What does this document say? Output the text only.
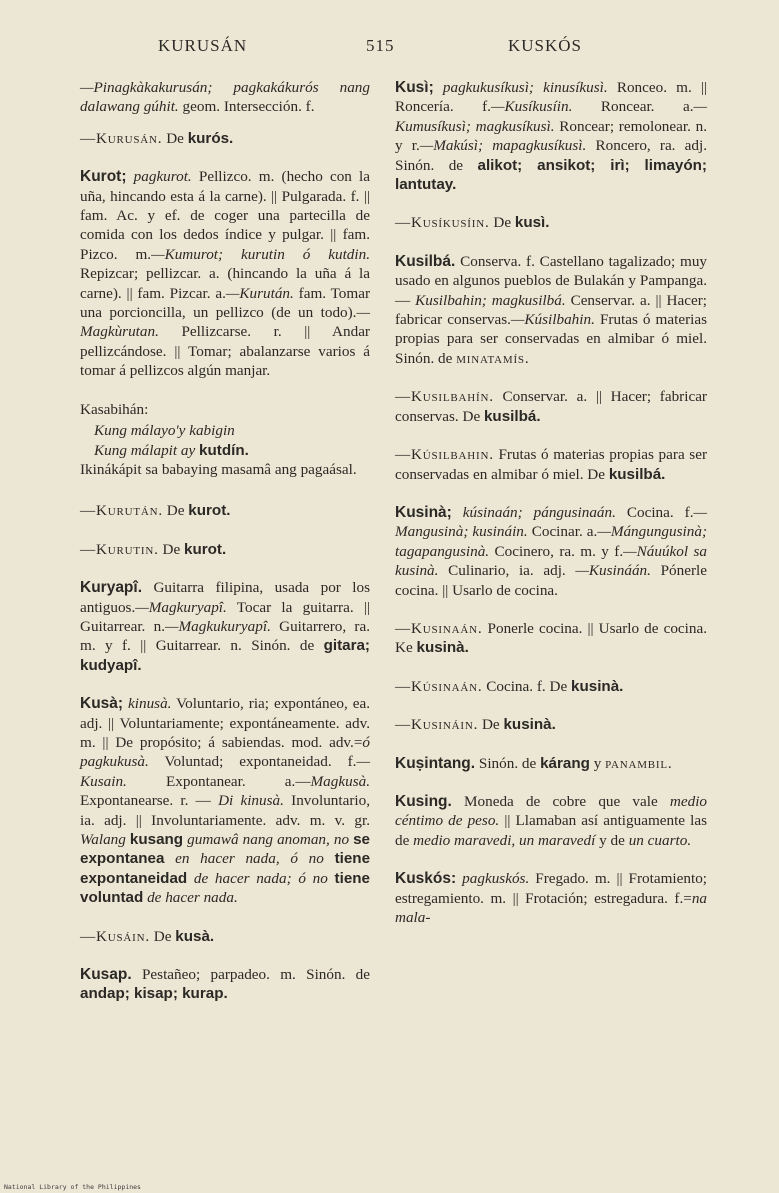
KURUSÁN	515	KUSKÓS

—Pinagkàkakurusán; pagkakákurós nang dalawang gúhit. geom. Intersección. f.

—Kurusán. De kurós.

Kurot; pagkurot. Pellizco. m. (hecho con la uña, hincando esta á la carne). || Pulgarada. f. || fam. Ac. y ef. de coger una partecilla de comida con los dedos índice y pulgar. || fam. Pizco. m.—Kumurot; kurutin ó kutdin. Repizcar; pellizcar. a. (hincando la uña á la carne). || fam. Pizcar. a.—Kurután. fam. Tomar una porcioncilla, un pellizco (de un todo).—Magkùrutan. Pellizcarse. r. || Andar pellizcándose. || Tomar; abalanzarse varios á tomar á pellizcos algún manjar.

Kasabihán:
Kung málayo'y kabigin
Kung málapit ay kutdín.
Ikinákápit sa babaying masamâ ang pagaásal.

—Kurután. De kurot.

—Kurutin. De kurot.

Kuryapî. Guitarra filipina, usada por los antiguos.—Magkuryapî. Tocar la guitarra. || Guitarrear. n.—Magkukuryapî. Guitarrero, ra. m. y f. || Guitarrear. n. Sinón. de gitara; kudyapî.

Kusà; kinusà. Voluntario, ria; expontáneo, ea. adj. || Voluntariamente; expontáneamente. adv. m. || De propósito; á sabiendas. mod. adv.=ó pagkukusà. Voluntad; expontaneidad. f.—Kusain.	Expontanear. a.—Magkusà. Expontanearse. r. — Di kinusà. Involuntario, ia. adj. || Involuntariamente. adv. m. v. gr. Walang kusang gumawâ nang anoman, no se expontanea en hacer nada, ó no tiene expontaneidad de hacer nada; ó no tiene voluntad de hacer nada.

—Kusáin. De kusà.

Kusap. Pestañeo; parpadeo. m. Sinón. de andap; kisap; kurap.

Kusì; pagkukusíkusì; kinusíkusì. Ronceo. m. || Roncería. f.—Kusíkusíin. Roncear. a.—Kumusíkusì; magkusíkusì. Roncear; remolonear. n. y r.—Makúsì; mapagkusíkusì. Roncero, ra. adj. Sinón. de alikot; ansikot; irì; limayón; lantutay.

—Kusíkusíin. De kusì.

Kusilbá. Conserva. f. Castellano tagalizado; muy usado en algunos pueblos de Bulakán y Pampanga.— Kusilbahin; magkusilbá. Censervar. a. || Hacer; fabricar conservas.—Kúsilbahin. Frutas ó materias propias para ser conservadas en almibar ó miel. Sinón. de minatamís.

—Kusilbahín. Conservar. a. || Hacer; fabricar conservas. De kusilbá.

—Kúsilbahin. Frutas ó materias propias para ser conservadas en almibar ó miel. De kusilbá.

Kusinà; kúsinaán; pángusinaán. Cocina. f.—Mangusinà; kusináin. Cocinar. a.—Mángungusinà; tagapangusinà. Cocinero, ra. m. y f.—Náuúkol sa kusinà. Culinario, ia. adj. —Kusináán. Pónerle cocina. || Usarlo de cocina.

—Kusinaán. Ponerle cocina. || Usarlo de cocina. Ke kusinà.

—Kúsinaán. Cocina. f. De kusinà.

—Kusináin. De kusinà.

Kuṣintang. Sinón. de kárang y panambil.

Kusing. Moneda de cobre que vale medio céntimo de peso. || Llamaban así antiguamente las de medio maravedi, un maravedí y de un cuarto.

Kuskós: pagkuskós. Fregado. m. || Frotamiento; estregamiento. m. || Frotación; estregadura. f.=na mala-

National Library of the Philippines
